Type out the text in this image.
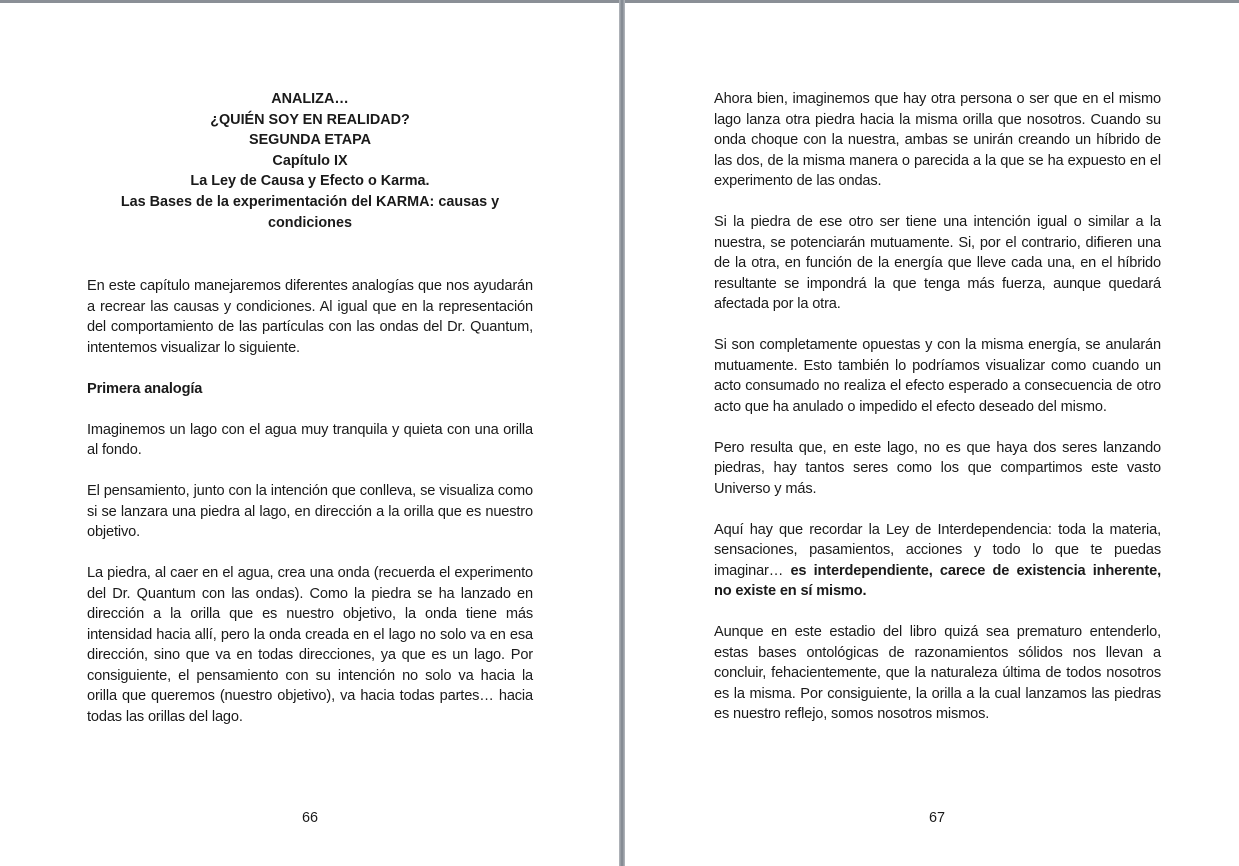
ANALIZA…
¿QUIÉN SOY EN REALIDAD?
SEGUNDA ETAPA
Capítulo IX
La Ley de Causa y Efecto o Karma.
Las Bases de la experimentación del KARMA: causas y condiciones

En este capítulo manejaremos diferentes analogías que nos ayudarán a recrear las causas y condiciones. Al igual que en la representación del comportamiento de las partículas con las ondas del Dr. Quantum, intentemos visualizar lo siguiente.

Primera analogía

Imaginemos un lago con el agua muy tranquila y quieta con una orilla al fondo.

El pensamiento, junto con la intención que conlleva, se visualiza como si se lanzara una piedra al lago, en dirección a la orilla que es nuestro objetivo.

La piedra, al caer en el agua, crea una onda (recuerda el experimento del Dr. Quantum con las ondas). Como la piedra se ha lanzado en dirección a la orilla que es nuestro objetivo, la onda tiene más intensidad hacia allí, pero la onda creada en el lago no solo va en esa dirección, sino que va en todas direcciones, ya que es un lago. Por consiguiente, el pensamiento con su intención no solo va hacia la orilla que queremos (nuestro objetivo), va hacia todas partes… hacia todas las orillas del lago.

66

Ahora bien, imaginemos que hay otra persona o ser que en el mismo lago lanza otra piedra hacia la misma orilla que nosotros. Cuando su onda choque con la nuestra, ambas se unirán creando un híbrido de las dos, de la misma manera o parecida a la que se ha expuesto en el experimento de las ondas.

Si la piedra de ese otro ser tiene una intención igual o similar a la nuestra, se potenciarán mutuamente. Si, por el contrario, difieren una de la otra, en función de la energía que lleve cada una, en el híbrido resultante se impondrá la que tenga más fuerza, aunque quedará afectada por la otra.

Si son completamente opuestas y con la misma energía, se anularán mutuamente. Esto también lo podríamos visualizar como cuando un acto consumado no realiza el efecto esperado a consecuencia de otro acto que ha anulado o impedido el efecto deseado del mismo.

Pero resulta que, en este lago, no es que haya dos seres lanzando piedras, hay tantos seres como los que compartimos este vasto Universo y más.

Aquí hay que recordar la Ley de Interdependencia: toda la materia, sensaciones, pasamientos, acciones y todo lo que te puedas imaginar… es interdependiente, carece de existencia inherente, no existe en sí mismo.

Aunque en este estadio del libro quizá sea prematuro entenderlo, estas bases ontológicas de razonamientos sólidos nos llevan a concluir, fehacientemente, que la naturaleza última de todos nosotros es la misma. Por consiguiente, la orilla a la cual lanzamos las piedras es nuestro reflejo, somos nosotros mismos.

67
